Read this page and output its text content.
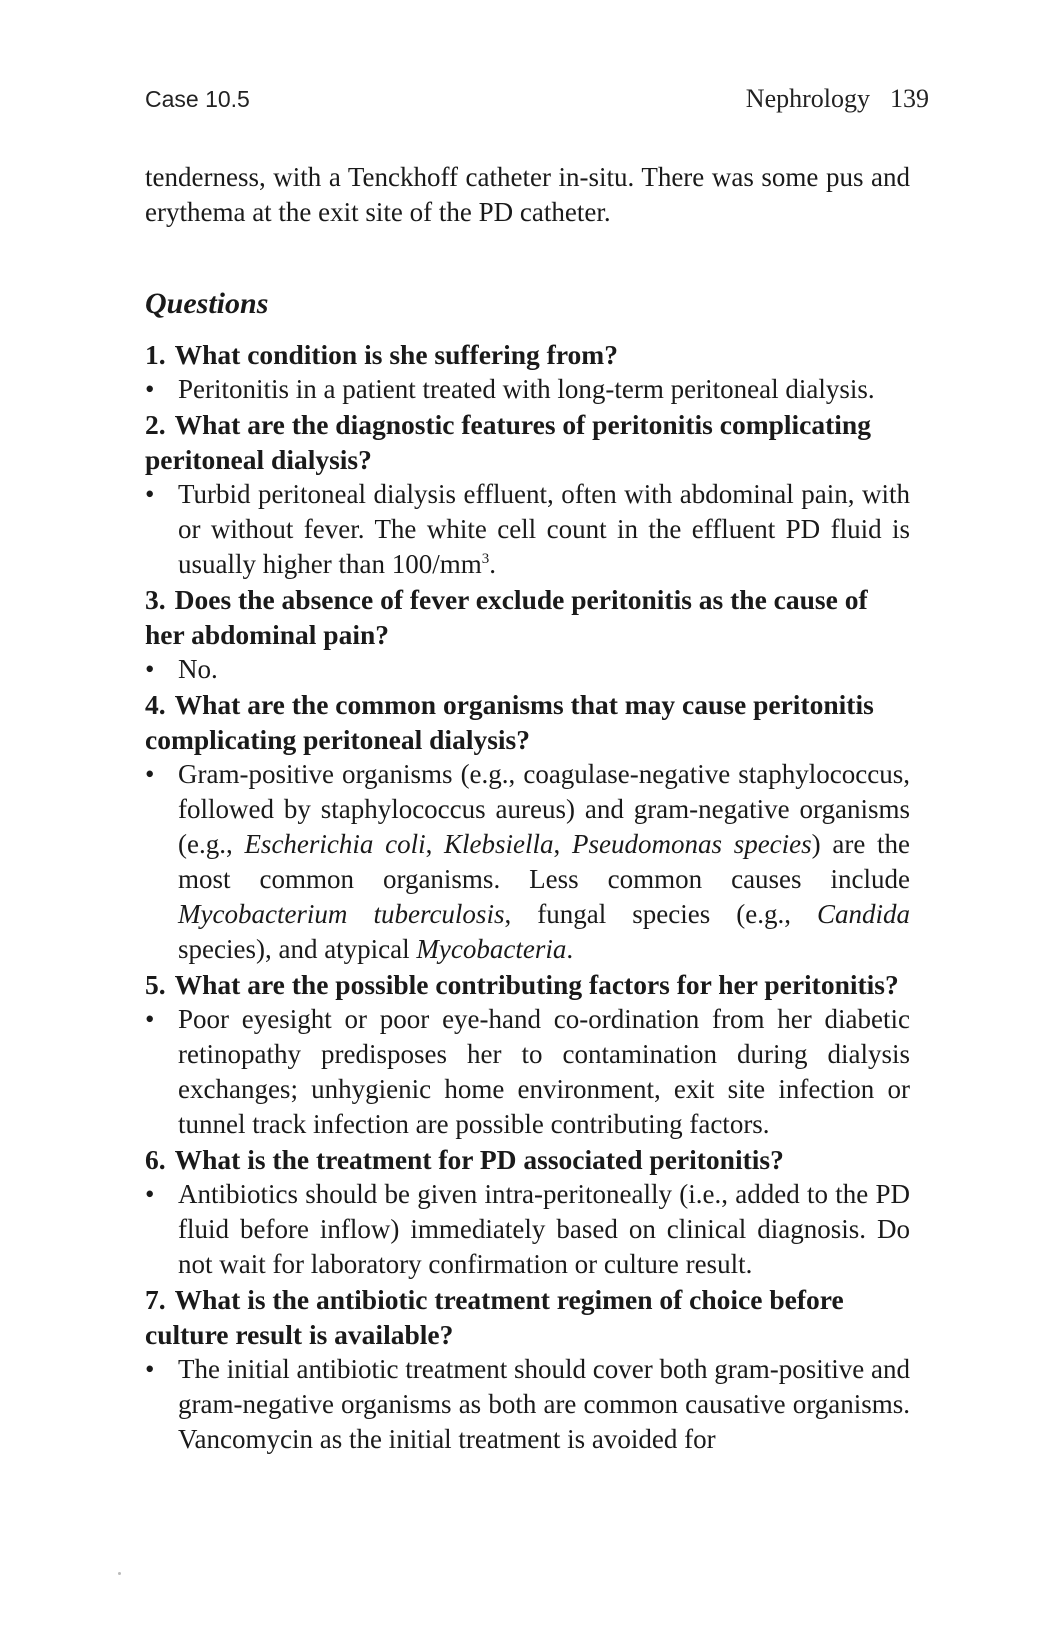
Case 10.5	Nephrology 139

tenderness, with a Tenckhoff catheter in-situ. There was some pus and erythema at the exit site of the PD catheter.

Questions

1. What condition is she suffering from?

• Peritonitis in a patient treated with long-term peritoneal dialysis.

2. What are the diagnostic features of peritonitis complicating peritoneal dialysis?

• Turbid peritoneal dialysis effluent, often with abdominal pain, with or without fever. The white cell count in the effluent PD fluid is usually higher than $100/mm^3$.

3. Does the absence of fever exclude peritonitis as the cause of her abdominal pain?

• No.

4. What are the common organisms that may cause peritonitis complicating peritoneal dialysis?

• Gram-positive organisms (e.g., coagulase-negative staphylococcus, followed by staphylococcus aureus) and gram-negative organisms (e.g., Escherichia coli, Klebsiella, Pseudomonas species) are the most common organisms. Less common causes include Mycobacterium tuberculosis, fungal species (e.g., Candida species), and atypical Mycobacteria.

5. What are the possible contributing factors for her peritonitis?

• Poor eyesight or poor eye-hand co-ordination from her diabetic retinopathy predisposes her to contamination during dialysis exchanges; unhygienic home environment, exit site infection or tunnel track infection are possible contributing factors.

6. What is the treatment for PD associated peritonitis?

• Antibiotics should be given intra-peritoneally (i.e., added to the PD fluid before inflow) immediately based on clinical diagnosis. Do not wait for laboratory confirmation or culture result.

7. What is the antibiotic treatment regimen of choice before culture result is available?

• The initial antibiotic treatment should cover both gram-positive and gram-negative organisms as both are common causative organisms. Vancomycin as the initial treatment is avoided for
